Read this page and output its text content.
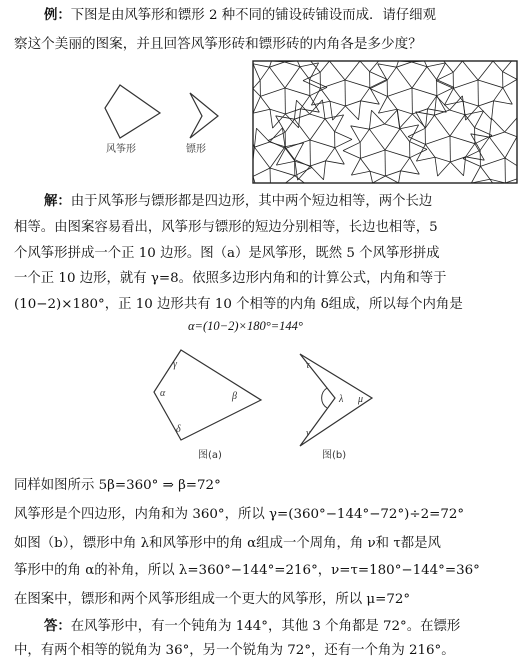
例：下图是由风筝形和镖形 2 种不同的铺设砖铺设而成．请仔细观
察这个美丽的图案，并且回答风筝形砖和镖形砖的内角各是多少度？
风筝形	镖形
解：由于风筝形与镖形都是四边形，其中两个短边相等，两个长边
相等。由图案容易看出，风筝形与镖形的短边分别相等，长边也相等，5
个风筝形拼成一个正 10 边形。图（a）是风筝形，既然 5 个风筝形拼成
一个正 10 边形，就有 γ=8。依照多边形内角和的计算公式，内角和等于
(10−2)×180°，正 10 边形共有 10 个相等的内角 δ组成，所以每个内角是
α=(10−2)×180°=144°
γ
α	β
δ
τ
λ μ
ν
图(a)	图(b)
同样如图所示 5β=360° ⇒ β=72°
风筝形是个四边形，内角和为 360°，所以 γ=(360°−144°−72°)÷2=72°
如图（b），镖形中角 λ和风筝形中的角 α组成一个周角，角 ν和 τ都是风
筝形中的角 α的补角，所以 λ=360°−144°=216°，ν=τ=180°−144°=36°
在图案中，镖形和两个风筝形组成一个更大的风筝形，所以 μ=72°
答：在风筝形中，有一个钝角为 144°，其他 3 个角都是 72°。在镖形
中，有两个相等的锐角为 36°，另一个锐角为 72°，还有一个角为 216°。
